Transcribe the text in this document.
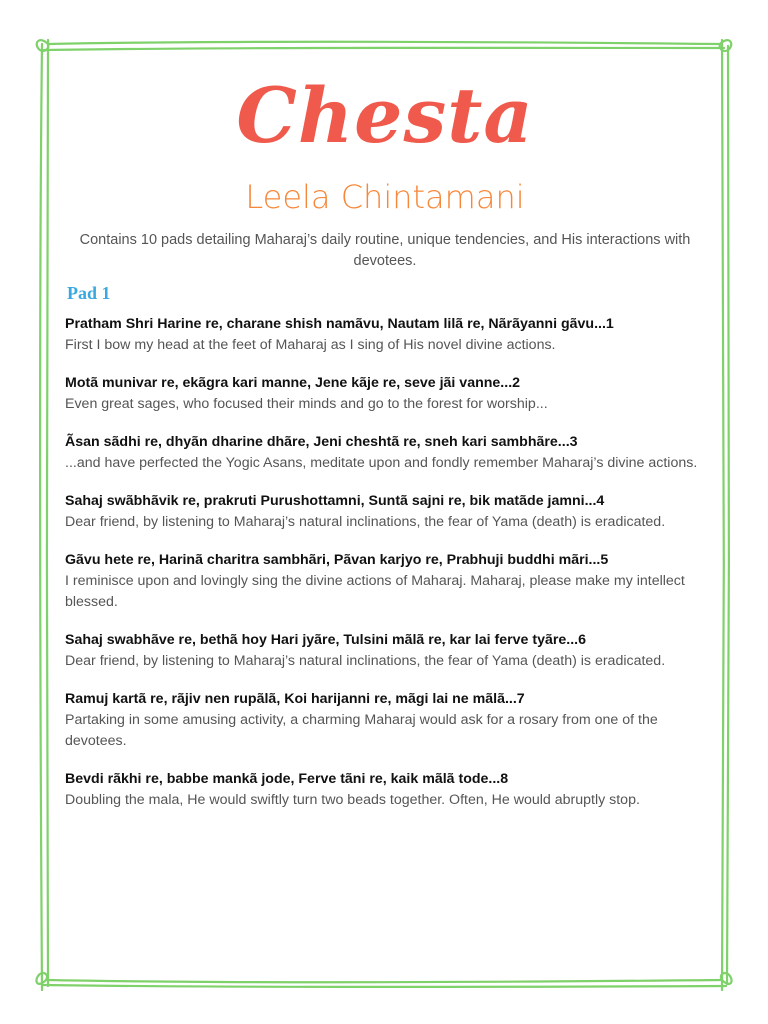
Chesta
Leela Chintamani

Contains 10 pads detailing Maharaj’s daily routine, unique tendencies, and His interactions with devotees.

Pad 1
Pratham Shri Harine re, charane shish namãvu, Nautam lilã re, Nãrãyanni gãvu...1
First I bow my head at the feet of Maharaj as I sing of His novel divine actions.
Motã munivar re, ekãgra kari manne, Jene kãje re, seve jãi vanne...2
Even great sages, who focused their minds and go to the forest for worship...
Ãsan sãdhi re, dhyãn dharine dhãre, Jeni cheshtã re, sneh kari sambhãre...3
...and have perfected the Yogic Asans, meditate upon and fondly remember Maharaj’s divine actions.
Sahaj swãbhãvik re, prakruti Purushottamni, Suntã sajni re, bik matãde jamni...4
Dear friend, by listening to Maharaj’s natural inclinations, the fear of Yama (death) is eradicated.
Gãvu hete re, Harinã charitra sambhãri, Pãvan karjyo re, Prabhuji buddhi mãri...5
I reminisce upon and lovingly sing the divine actions of Maharaj. Maharaj, please make my intellect blessed.
Sahaj swabhãve re, bethã hoy Hari jyãre, Tulsini mãlã re, kar lai ferve tyãre...6
Dear friend, by listening to Maharaj’s natural inclinations, the fear of Yama (death) is eradicated.
Ramuj kartã re, rãjiv nen rupãlã, Koi harijanni re, mãgi lai ne mãlã...7
Partaking in some amusing activity, a charming Maharaj would ask for a rosary from one of the devotees.
Bevdi rãkhi re, babbe mankã jode, Ferve tãni re, kaik mãlã tode...8
Doubling the mala, He would swiftly turn two beads together. Often, He would abruptly stop.
